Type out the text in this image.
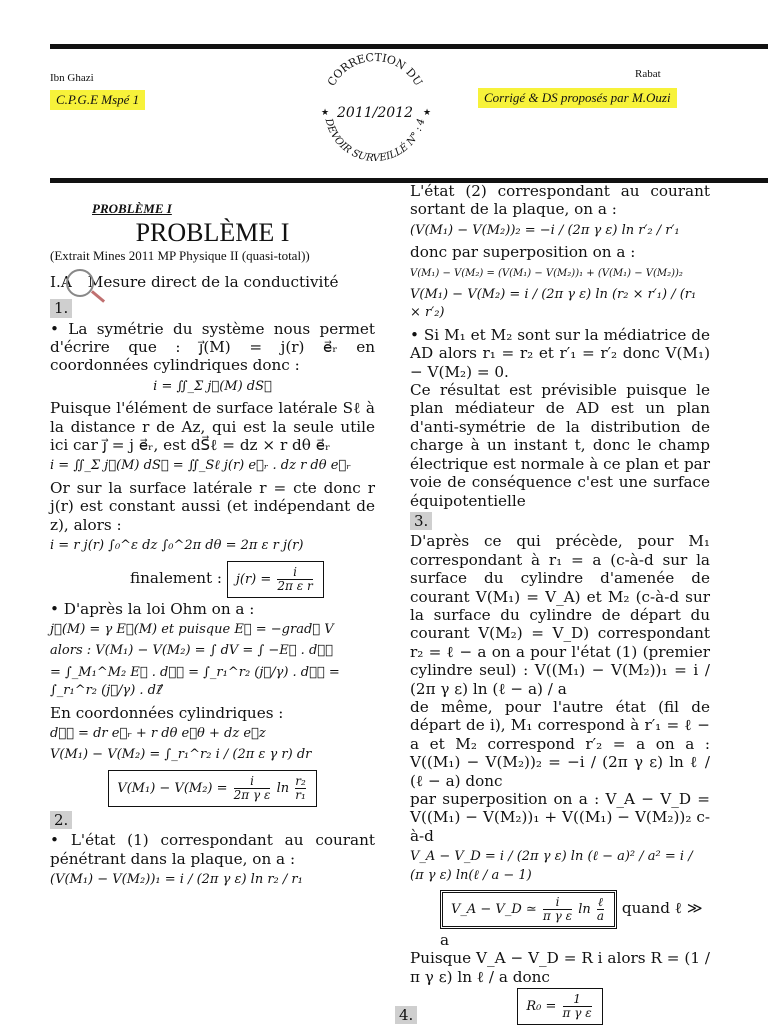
Ibn Ghazi
C.P.G.E Mspé 1
Rabat
Corrigé & DS proposés par M.Ouzi
CORRECTION DU
DEVOIR SURVEILLÉ N° : 4
2011/2012
★	★
PROBLÈME I
PROBLÈME I
(Extrait Mines 2011 MP Physique II (quasi-total))

I.A Mesure direct de la conductivité

1.

• La symétrie du système nous permet d'écrire que : j⃗(M) = j(r) e⃗ᵣ en coordonnées cylindriques donc :

i = ∬_Σ j⃗(M) dS⃗

Puisque l'élément de surface latérale Sℓ à la distance r de Az, qui est la seule utile ici car j⃗ = j e⃗ᵣ, est dS⃗ℓ = dz × r dθ e⃗ᵣ

i = ∬_Σ j⃗(M) dS⃗ = ∬_Sℓ j(r) e⃗ᵣ . dz r dθ e⃗ᵣ

Or sur la surface latérale r = cte donc r j(r) est constant aussi (et indépendant de z), alors :

i = r j(r) ∫₀^ε dz ∫₀^2π dθ = 2π ε r j(r)
finalement : $j(r) = \frac{i}{\text{2π ε r}}$

• D'après la loi Ohm on a :

j⃗(M) = γ E⃗(M) et puisque E⃗ = −grad⃗ V
alors : V(M₁) − V(M₂) = ∫ dV = ∫ −E⃗ . dℓ⃗
= ∫_M₁^M₂ E⃗ . dℓ⃗ = ∫_r₁^r₂ (j⃗/γ) . dℓ⃗ = ∫_r₁^r₂ (j⃗/γ) . dℓ⃗

En coordonnées cylindriques :

dℓ⃗ = dr e⃗ᵣ + r dθ e⃗θ + dz e⃗z
V(M₁) − V(M₂) = ∫_r₁^r₂ i / (2π ε γ r) dr
$V(M_1) - V(M_2) = \frac{i}{\text{2π γ ε}}$ $\ln \frac{\text{r₂}}{\text{r₁}}$
2.

• L'état (1) correspondant au courant pénétrant dans la plaque, on a :

(V(M₁) − V(M₂))₁ = i / (2π γ ε) ln r₂ / r₁

L'état (2) correspondant au courant sortant de la plaque, on a :

(V(M₁) − V(M₂))₂ = −i / (2π γ ε) ln r′₂ / r′₁

donc par superposition on a :

V(M₁) − V(M₂) = (V(M₁) − V(M₂))₁ + (V(M₁) − V(M₂))₂
V(M₁) − V(M₂) = i / (2π γ ε) ln (r₂ × r′₁) / (r₁ × r′₂)

• Si M₁ et M₂ sont sur la médiatrice de AD alors r₁ = r₂ et r′₁ = r′₂ donc V(M₁) − V(M₂) = 0.

Ce résultat est prévisible puisque le plan médiateur de AD est un plan d'anti-symétrie de la distribution de charge à un instant t, donc le champ électrique est normale à ce plan et par voie de conséquence c'est une surface équipotentielle

3.

D'après ce qui précède, pour M₁ correspondant à r₁ = a (c-à-d sur la surface du cylindre d'amenée de courant V(M₁) = V_A) et M₂ (c-à-d sur la surface du cylindre de départ du courant V(M₂) = V_D) correspondant r₂ = ℓ − a on a pour l'état (1) (premier cylindre seul) : V((M₁) − V(M₂))₁ = i / (2π γ ε) ln (ℓ − a) / a

de même, pour l'autre état (fil de départ de i), M₁ correspond à r′₁ = ℓ − a et M₂ correspond r′₂ = a on a : V((M₁) − V(M₂))₂ = −i / (2π γ ε) ln ℓ / (ℓ − a) donc

par superposition on a : V_A − V_D = V((M₁) − V(M₂))₁ + V((M₁) − V(M₂))₂ c-à-d

V_A − V_D = i / (2π γ ε) ln (ℓ − a)² / a² = i / (π γ ε) ln(ℓ / a − 1)
V_A − V_D ≃ $\frac{i}{\text{π γ ε}}$ $\ln \frac{\text{ℓ}}{a}$ quand ℓ ≫ a

Puisque V_A − V_D = R i alors R = (1 / π γ ε) ln ℓ / a donc

$R_0 = \frac{1}{\text{π γ ε}}$
4.
